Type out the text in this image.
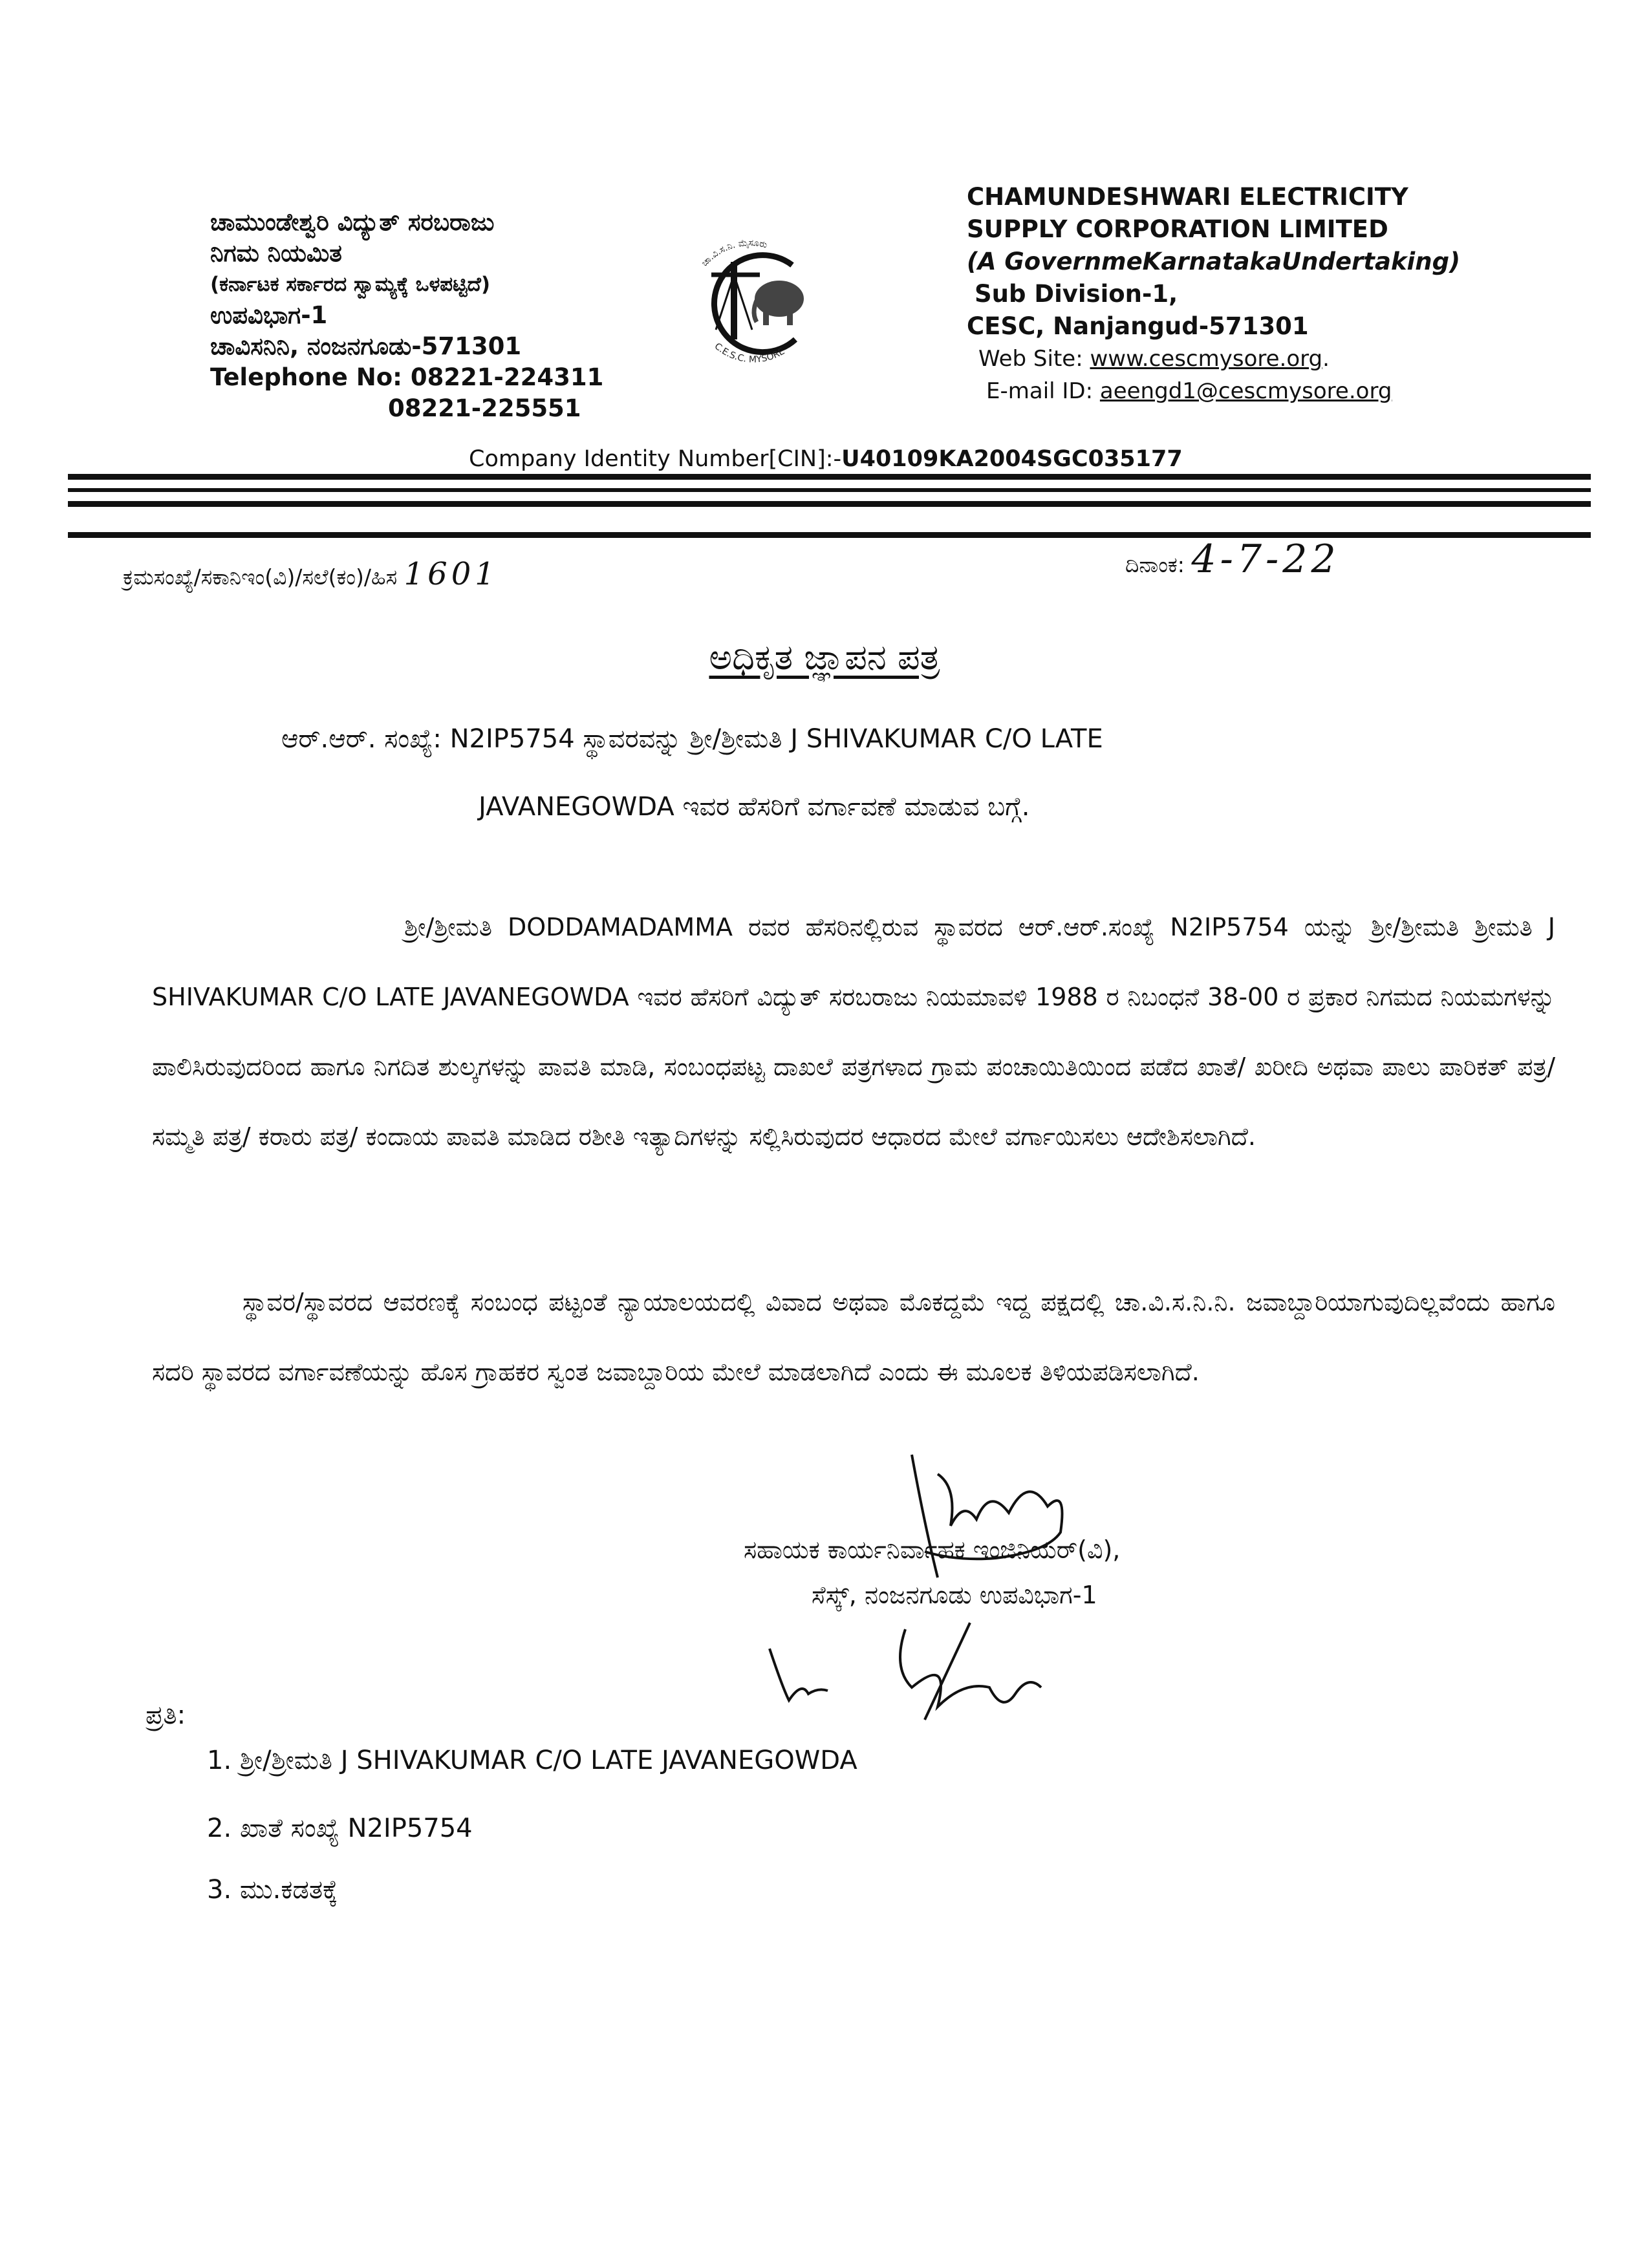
ಚಾಮುಂಡೇಶ್ವರಿ ವಿದ್ಯುತ್ ಸರಬರಾಜು
ನಿಗಮ ನಿಯಮಿತ
(ಕರ್ನಾಟಕ ಸರ್ಕಾರದ ಸ್ವಾಮ್ಯಕ್ಕೆ ಒಳಪಟ್ಟಿದೆ)
ಉಪವಿಭಾಗ-1
ಚಾವಿಸನಿನಿ, ನಂಜನಗೂಡು-571301
Telephone No: 08221-224311
08221-225551
ಚಾ.ವಿ.ಸ.ನಿ. ಮೈಸೂರು
C.E.S.C. MYSORE
CHAMUNDESHWARI ELECTRICITY
SUPPLY CORPORATION LIMITED
(A GovernmeKarnatakaUndertaking)
Sub Division-1,
CESC, Nanjangud-571301
Web Site: www.cescmysore.org.
E-mail ID: aeengd1@cescmysore.org
Company Identity Number[CIN]:-U40109KA2004SGC035177
ಕ್ರಮಸಂಖ್ಯೆ/ಸಕಾನಿಇಂ(ವಿ)/ಸಲೆ(ಕಂ)/ಹಿಸ 1601	ದಿನಾಂಕ: 4-7-22
ಅಧಿಕೃತ ಜ್ಞಾಪನ ಪತ್ರ
ಆರ್.ಆರ್. ಸಂಖ್ಯೆ: N2IP5754 ಸ್ಥಾವರವನ್ನು ಶ್ರೀ/ಶ್ರೀಮತಿ J SHIVAKUMAR C/O LATE
JAVANEGOWDA ಇವರ ಹೆಸರಿಗೆ ವರ್ಗಾವಣೆ ಮಾಡುವ ಬಗ್ಗೆ.
ಶ್ರೀ/ಶ್ರೀಮತಿ DODDAMADAMMA ರವರ ಹೆಸರಿನಲ್ಲಿರುವ ಸ್ಥಾವರದ ಆರ್.ಆರ್.ಸಂಖ್ಯೆ N2IP5754 ಯನ್ನು ಶ್ರೀ/ಶ್ರೀಮತಿ ಶ್ರೀಮತಿ J SHIVAKUMAR C/O LATE JAVANEGOWDA ಇವರ ಹೆಸರಿಗೆ ವಿದ್ಯುತ್ ಸರಬರಾಜು ನಿಯಮಾವಳಿ 1988 ರ ನಿಬಂಧನೆ 38-00 ರ ಪ್ರಕಾರ ನಿಗಮದ ನಿಯಮಗಳನ್ನು ಪಾಲಿಸಿರುವುದರಿಂದ ಹಾಗೂ ನಿಗದಿತ ಶುಲ್ಕಗಳನ್ನು ಪಾವತಿ ಮಾಡಿ, ಸಂಬಂಧಪಟ್ಟ ದಾಖಲೆ ಪತ್ರಗಳಾದ ಗ್ರಾಮ ಪಂಚಾಯಿತಿಯಿಂದ ಪಡೆದ ಖಾತೆ/ ಖರೀದಿ ಅಥವಾ ಪಾಲು ಪಾರಿಕತ್ ಪತ್ರ/ ಸಮ್ಮತಿ ಪತ್ರ/ ಕರಾರು ಪತ್ರ/ ಕಂದಾಯ ಪಾವತಿ ಮಾಡಿದ ರಶೀತಿ ಇತ್ಯಾದಿಗಳನ್ನು ಸಲ್ಲಿಸಿರುವುದರ ಆಧಾರದ ಮೇಲೆ ವರ್ಗಾಯಿಸಲು ಆದೇಶಿಸಲಾಗಿದೆ.
ಸ್ಥಾವರ/ಸ್ಥಾವರದ ಆವರಣಕ್ಕೆ ಸಂಬಂಧ ಪಟ್ಟಂತೆ ನ್ಯಾಯಾಲಯದಲ್ಲಿ ವಿವಾದ ಅಥವಾ ಮೊಕದ್ದಮೆ ಇದ್ದ ಪಕ್ಷದಲ್ಲಿ ಚಾ.ವಿ.ಸ.ನಿ.ನಿ. ಜವಾಬ್ದಾರಿಯಾಗುವುದಿಲ್ಲವೆಂದು ಹಾಗೂ ಸದರಿ ಸ್ಥಾವರದ ವರ್ಗಾವಣೆಯನ್ನು ಹೊಸ ಗ್ರಾಹಕರ ಸ್ವಂತ ಜವಾಬ್ದಾರಿಯ ಮೇಲೆ ಮಾಡಲಾಗಿದೆ ಎಂದು ಈ ಮೂಲಕ ತಿಳಿಯಪಡಿಸಲಾಗಿದೆ.
ಸಹಾಯಕ ಕಾರ್ಯನಿರ್ವಾಹಕ ಇಂಜಿನಿಯರ್(ವಿ),
ಸೆಸ್ಕ್, ನಂಜನಗೂಡು ಉಪವಿಭಾಗ-1
ಪ್ರತಿ:
1. ಶ್ರೀ/ಶ್ರೀಮತಿ J SHIVAKUMAR C/O LATE JAVANEGOWDA
2. ಖಾತೆ ಸಂಖ್ಯೆ N2IP5754
3. ಮು.ಕಡತಕ್ಕೆ
